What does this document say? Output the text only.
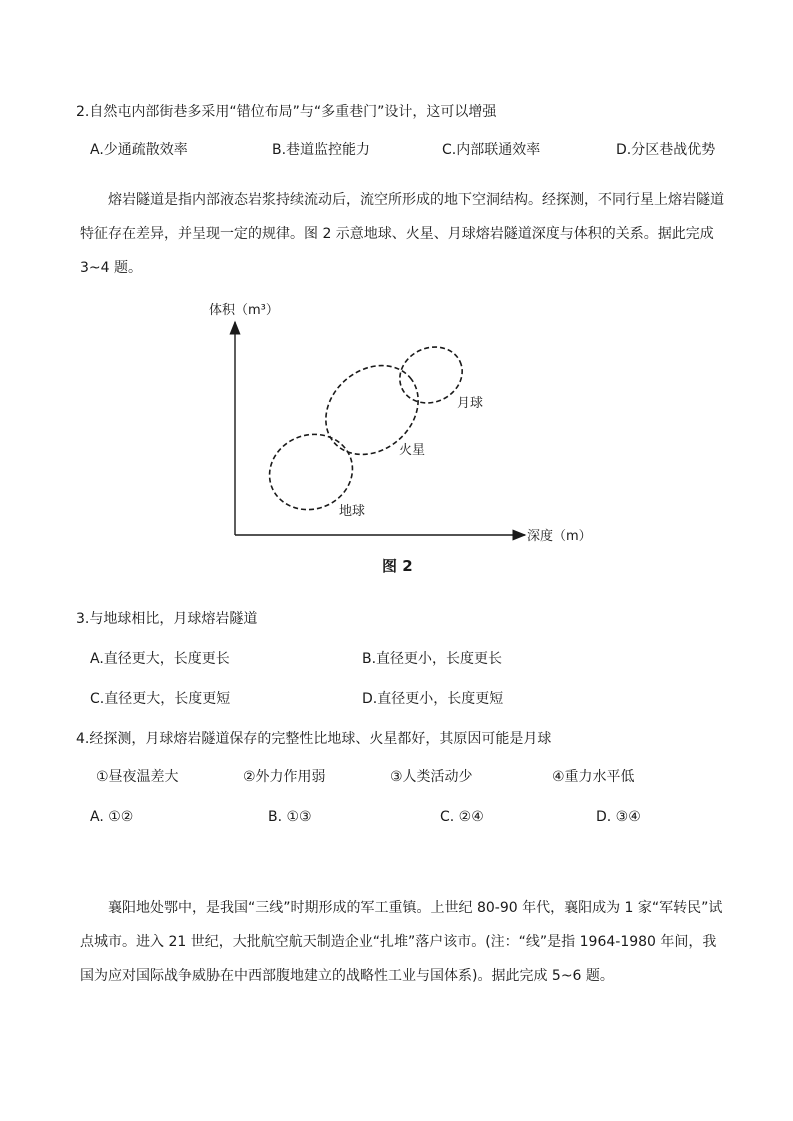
2.自然屯内部街巷多采用“错位布局”与“多重巷门”设计，这可以增强
A.少通疏散效率	B.巷道监控能力	C.内部联通效率	D.分区巷战优势
熔岩隧道是指内部液态岩浆持续流动后，流空所形成的地下空洞结构。经探测，不同行星上熔岩隧道特征存在差异，并呈现一定的规律。图 2 示意地球、火星、月球熔岩隧道深度与体积的关系。据此完成 3~4 题。
体积（m³）
深度（m）
月球
火星
地球
图 2
3.与地球相比，月球熔岩隧道
A.直径更大，长度更长	B.直径更小，长度更长
C.直径更大，长度更短	D.直径更小，长度更短
4.经探测，月球熔岩隧道保存的完整性比地球、火星都好，其原因可能是月球
①昼夜温差大	②外力作用弱	③人类活动少	④重力水平低
A. ①②	B. ①③	C. ②④	D. ③④
襄阳地处鄂中，是我国“三线”时期形成的军工重镇。上世纪 80-90 年代，襄阳成为 1 家“军转民”试点城市。进入 21 世纪，大批航空航天制造企业“扎堆”落户该市。(注：“线”是指 1964-1980 年间，我国为应对国际战争威胁在中西部腹地建立的战略性工业与国体系)。据此完成 5~6 题。
